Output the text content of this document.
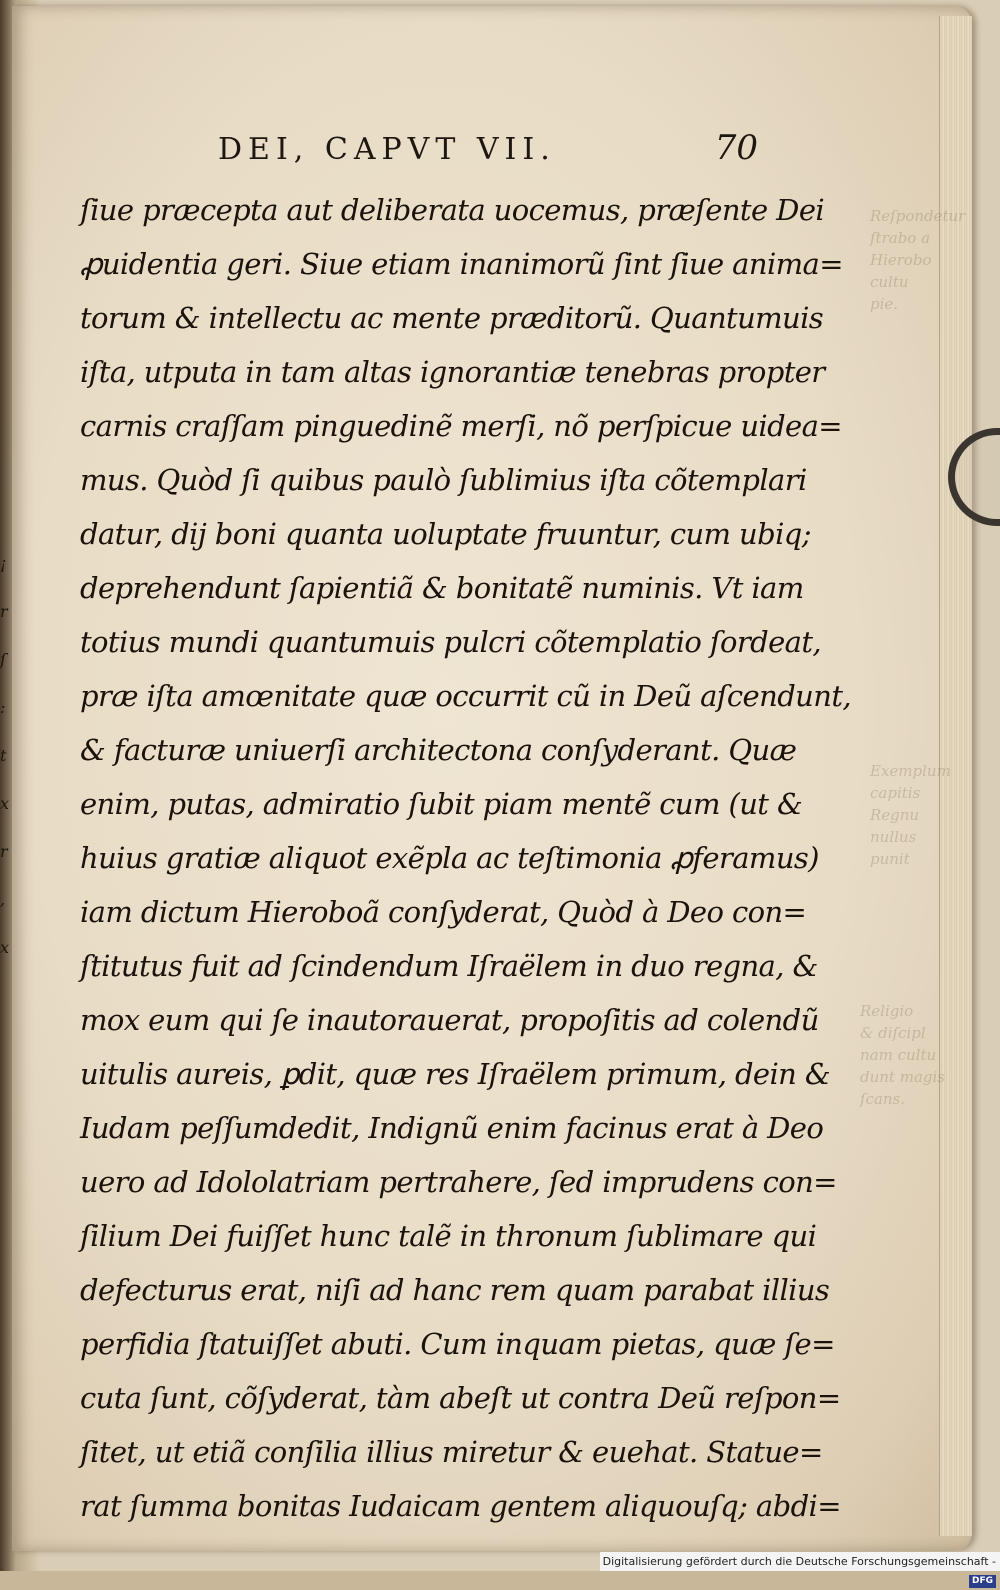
Reſpondetur
ſtrabo a
Hierobo
cultu
pie.
Exemplum
capitis
Regnu
nullus
punit
Religio
& diſcipl
nam cultu
dunt magis
ſcans.
¡
r
ſ
:
t
x
r
,
x
DEI, CAPVT VII.	70
ſiue præcepta aut deliberata uocemus, præſente Dei
ꝓuidentia geri. Siue etiam inanimorũ ſint ſiue anima=
torum & intellectu ac mente præditorũ. Quantumuis
iſta, utputa in tam altas ignorantiæ tenebras propter
carnis craſſam pinguedinẽ merſi, nõ perſpicue uidea=
mus. Quòd ſi quibus paulò ſublimius iſta cõtemplari
datur, dij boni quanta uoluptate fruuntur, cum ubiq;
deprehendunt ſapientiã & bonitatẽ numinis. Vt iam
totius mundi quantumuis pulcri cõtemplatio ſordeat,
præ iſta amœnitate quæ occurrit cũ in Deũ aſcendunt,
& facturæ uniuerſi architectona conſyderant. Quæ
enim, putas, admiratio ſubit piam mentẽ cum (ut &
huius gratiæ aliquot exẽpla ac teſtimonia ꝓferamus)
iam dictum Hieroboã conſyderat, Quòd à Deo con=
ſtitutus fuit ad ſcindendum Iſraëlem in duo regna, &
mox eum qui ſe inautorauerat, propoſitis ad colendũ
uitulis aureis, ꝑdit, quæ res Iſraëlem primum, dein &
Iudam peſſumdedit, Indignũ enim facinus erat à Deo
uero ad Idololatriam pertrahere, ſed imprudens con=
ſilium Dei fuiſſet hunc talẽ in thronum ſublimare qui
defecturus erat, niſi ad hanc rem quam parabat illius
perfidia ſtatuiſſet abuti. Cum inquam pietas, quæ ſe=
cuta ſunt, cõſyderat, tàm abeſt ut contra Deũ reſpon=
ſitet, ut etiã conſilia illius miretur & euehat. Statue=
rat ſumma bonitas Iudaicam gentem aliquouſq; abdi=
Digitalisierung gefördert durch die Deutsche Forschungsgemeinschaft -DFG
